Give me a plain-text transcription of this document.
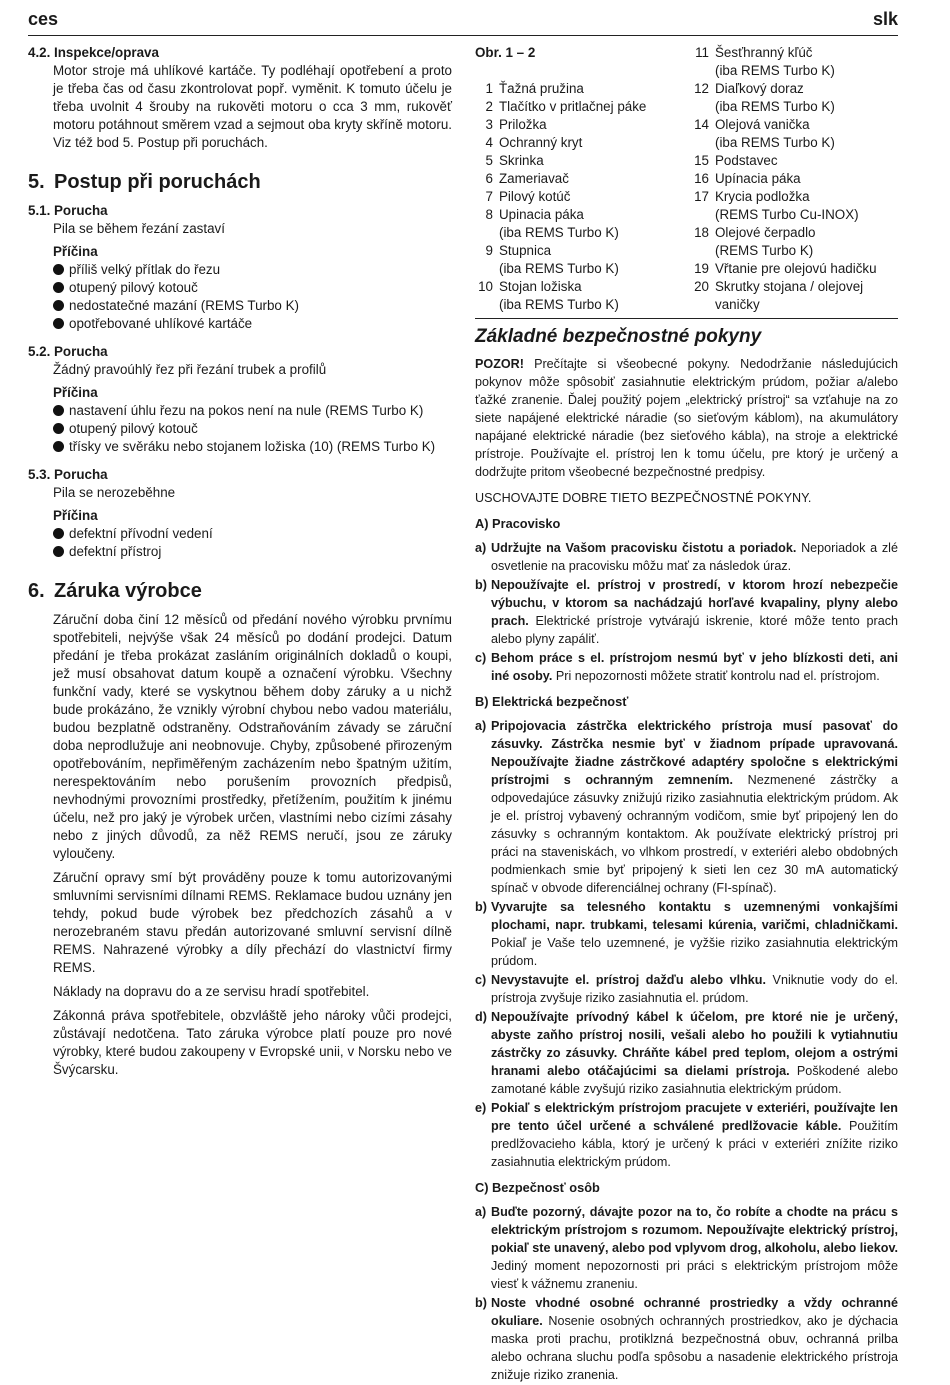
ces	slk
4.2. Inspekce/oprava
Motor stroje má uhlíkové kartáče. Ty podléhají opotřebení a proto je třeba čas od času zkontrolovat popř. vyměnit. K tomuto účelu je třeba uvolnit 4 šrouby na rukověti motoru o cca 3 mm, rukověť motoru potáhnout směrem vzad a sejmout oba kryty skříně motoru. Viz též bod 5. Postup při poruchách.
5. Postup při poruchách
5.1. Porucha
Pila se během řezání zastaví
Příčina
příliš velký přítlak do řezu
otupený pilový kotouč
nedostatečné mazání (REMS Turbo K)
opotřebované uhlíkové kartáče
5.2. Porucha
Žádný pravoúhlý řez při řezání trubek a profilů
Příčina
nastavení úhlu řezu na pokos není na nule (REMS Turbo K)
otupený pilový kotouč
třísky ve svěráku nebo stojanem ložiska (10) (REMS Turbo K)
5.3. Porucha
Pila se nerozeběhne
Příčina
defektní přívodní vedení
defektní přístroj
6. Záruka výrobce
Záruční doba činí 12 měsíců od předání nového výrobku prvnímu spotřebiteli, nejvýše však 24 měsíců po dodání prodejci. Datum předání je třeba prokázat zasláním originálních dokladů o koupi, jež musí obsahovat datum koupě a označení výrobku. Všechny funkční vady, které se vyskytnou během doby záruky a u nichž bude prokázáno, že vznikly výrobní chybou nebo vadou materiálu, budou bezplatně odstraněny. Odstraňováním závady se záruční doba neprodlužuje ani neobnovuje. Chyby, způsobené přirozeným opotřebováním, nepřiměřeným zacházením nebo špatným užitím, nerespektováním nebo porušením provozních předpisů, nevhodnými provozními prostředky, přetížením, použitím k jinému účelu, než pro jaký je výrobek určen, vlastními nebo cizími zásahy nebo z jiných důvodů, za něž REMS neručí, jsou ze záruky vyloučeny.
Záruční opravy smí být prováděny pouze k tomu autorizovanými smluvními servisními dílnami REMS. Reklamace budou uznány jen tehdy, pokud bude výrobek bez předchozích zásahů a v nerozebraném stavu předán autorizované smluvní servisní dílně REMS. Nahrazené výrobky a díly přechází do vlastnictví firmy REMS.
Náklady na dopravu do a ze servisu hradí spotřebitel.
Zákonná práva spotřebitele, obzvláště jeho nároky vůči prodejci, zůstávají nedotčena. Tato záruka výrobce platí pouze pro nové výrobky, které budou zakoupeny v Evropské unii, v Norsku nebo ve Švýcarsku.
Obr. 1 – 2
1 Ťažná pružina
2 Tlačítko v pritlačnej páke
3 Priložka
4 Ochranný kryt
5 Skrinka
6 Zameriavač
7 Pilový kotúč
8 Upinacia páka
(iba REMS Turbo K)
9 Stupnica
(iba REMS Turbo K)
10 Stojan ložiska
(iba REMS Turbo K)
11 Šesťhranný kľúč
(iba REMS Turbo K)
12 Diaľkový doraz
(iba REMS Turbo K)
14 Olejová vanička
(iba REMS Turbo K)
15 Podstavec
16 Upínacia páka
17 Krycia podložka
(REMS Turbo Cu-INOX)
18 Olejové čerpadlo
(REMS Turbo K)
19 Vřtanie pre olejovú hadičku
20 Skrutky stojana / olejovej
vaničky
Základné bezpečnostné pokyny
POZOR! Prečítajte si všeobecné pokyny. Nedodržanie následujúcich pokynov môže spôsobiť zasiahnutie elektrickým prúdom, požiar a/alebo ťažké zranenie. Ďalej použitý pojem „elektrický prístroj“ sa vzťahuje na zo siete napájené elektrické náradie (so sieťovým káblom), na akumulátory napájané elektrické náradie (bez sieťového kábla), na stroje a elektrické prístroje. Používajte el. prístroj len k tomu účelu, pre ktorý je určený a dodržujte pritom všeobecné bezpečnostné predpisy.
USCHOVAJTE DOBRE TIETO BEZPEČNOSTNÉ POKYNY.
A) Pracovisko
a) Udržujte na Vašom pracovisku čistotu a poriadok. Neporiadok a zlé osvetlenie na pracovisku môžu mať za následok úraz.
b) Nepoužívajte el. prístroj v prostredí, v ktorom hrozí nebezpečie výbuchu, v ktorom sa nachádzajú horľavé kvapaliny, plyny alebo prach. Elektrické prístroje vytvárajú iskrenie, ktoré môže tento prach alebo plyny zapáliť.
c) Behom práce s el. prístrojom nesmú byť v jeho blízkosti deti, ani iné osoby. Pri nepozornosti môžete stratiť kontrolu nad el. prístrojom.
B) Elektrická bezpečnosť
a) Pripojovacia zástrčka elektrického prístroja musí pasovať do zásuvky. Zástrčka nesmie byť v žiadnom prípade upravovaná. Nepoužívajte žiadne zástrčkové adaptéry spoločne s elektrickými prístrojmi s ochranným zemnením. Nezmenené zástrčky a odpovedajúce zásuvky znižujú riziko zasiahnutia elektrickým prúdom. Ak je el. prístroj vybavený ochranným vodičom, smie byť pripojený len do zásuvky s ochranným kontaktom. Ak používate elektrický prístroj pri práci na staveniskách, vo vlhkom prostredí, v exteriéri alebo obdobných podmienkach smie byť pripojený k sieti len cez 30 mA automatický spínač v obvode diferenciálnej ochrany (FI-spínač).
b) Vyvarujte sa telesného kontaktu s uzemnenými vonkajšími plochami, napr. trubkami, telesami kúrenia, varičmi, chladničkami. Pokiaľ je Vaše telo uzemnené, je vyžšie riziko zasiahnutia elektrickým prúdom.
c) Nevystavujte el. prístroj dažďu alebo vlhku. Vniknutie vody do el. prístroja zvyšuje riziko zasiahnutia el. prúdom.
d) Nepoužívajte prívodný kábel k účelom, pre ktoré nie je určený, abyste zaňho prístroj nosili, vešali alebo ho použili k vytiahnutiu zástrčky zo zásuvky. Chráňte kábel pred teplom, olejom a ostrými hranami alebo otáčajúcimi sa dielami prístroja. Poškodené alebo zamotané káble zvyšujú riziko zasiahnutia elektrickým prúdom.
e) Pokiaľ s elektrickým prístrojom pracujete v exteriéri, používajte len pre tento účel určené a schválené predlžovacie káble. Použitím predlžovacieho kábla, ktorý je určený k práci v exteriéri znížite riziko zasiahnutia elektrickým prúdom.
C) Bezpečnosť osôb
a) Buďte pozorný, dávajte pozor na to, čo robíte a chodte na prácu s elektrickým prístrojom s rozumom. Nepoužívajte elektrický prístroj, pokiaľ ste unavený, alebo pod vplyvom drog, alkoholu, alebo liekov. Jediný moment nepozornosti pri práci s elektrickým prístrojom môže viesť k vážnemu zraneniu.
b) Noste vhodné osobné ochranné prostriedky a vždy ochranné okuliare. Nosenie osobných ochranných prostriedkov, ako je dýchacia maska proti prachu, protiklzná bezpečnostná obuv, ochranná prilba alebo ochrana sluchu podľa spôsobu a nasadenie elektrického prístroja znižuje riziko zranenia.
